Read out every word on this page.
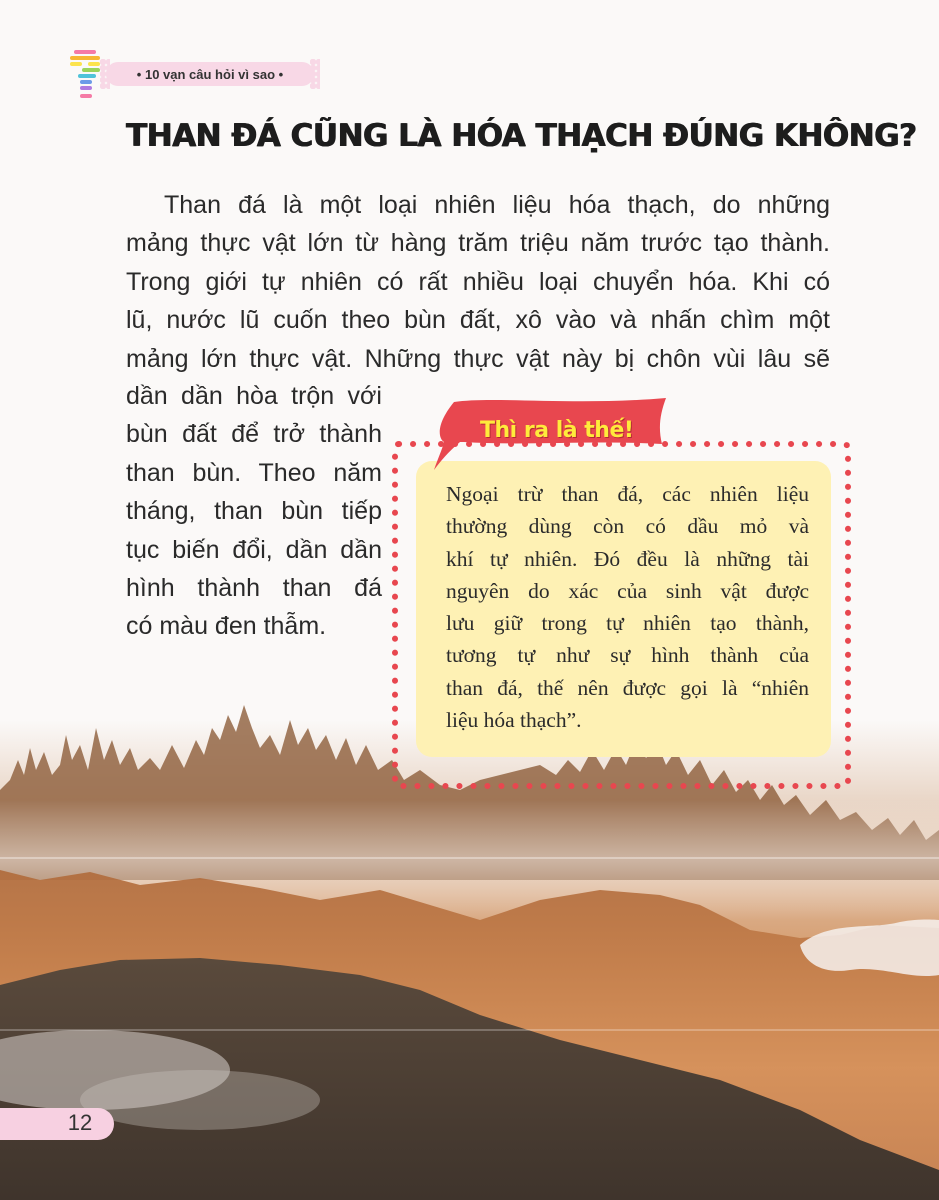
• 10 vạn câu hỏi vì sao •
THAN ĐÁ CŨNG LÀ HÓA THẠCH ĐÚNG KHÔNG?
Than đá là một loại nhiên liệu hóa thạch, do những
mảng thực vật lớn từ hàng trăm triệu năm trước tạo thành.
Trong giới tự nhiên có rất nhiều loại chuyển hóa. Khi có
lũ, nước lũ cuốn theo bùn đất, xô vào và nhấn chìm một
mảng lớn thực vật. Những thực vật này bị chôn vùi lâu sẽ
dần dần hòa trộn với
bùn đất để trở thành
than bùn. Theo năm
tháng, than bùn tiếp
tục biến đổi, dần dần
hình thành than đá
có màu đen thẫm.
Thì ra là thế!
Ngoại trừ than đá, các nhiên liệu
thường dùng còn có dầu mỏ và
khí tự nhiên. Đó đều là những tài
nguyên do xác của sinh vật được
lưu giữ trong tự nhiên tạo thành,
tương tự như sự hình thành của
than đá, thế nên được gọi là “nhiên
liệu hóa thạch”.
12
